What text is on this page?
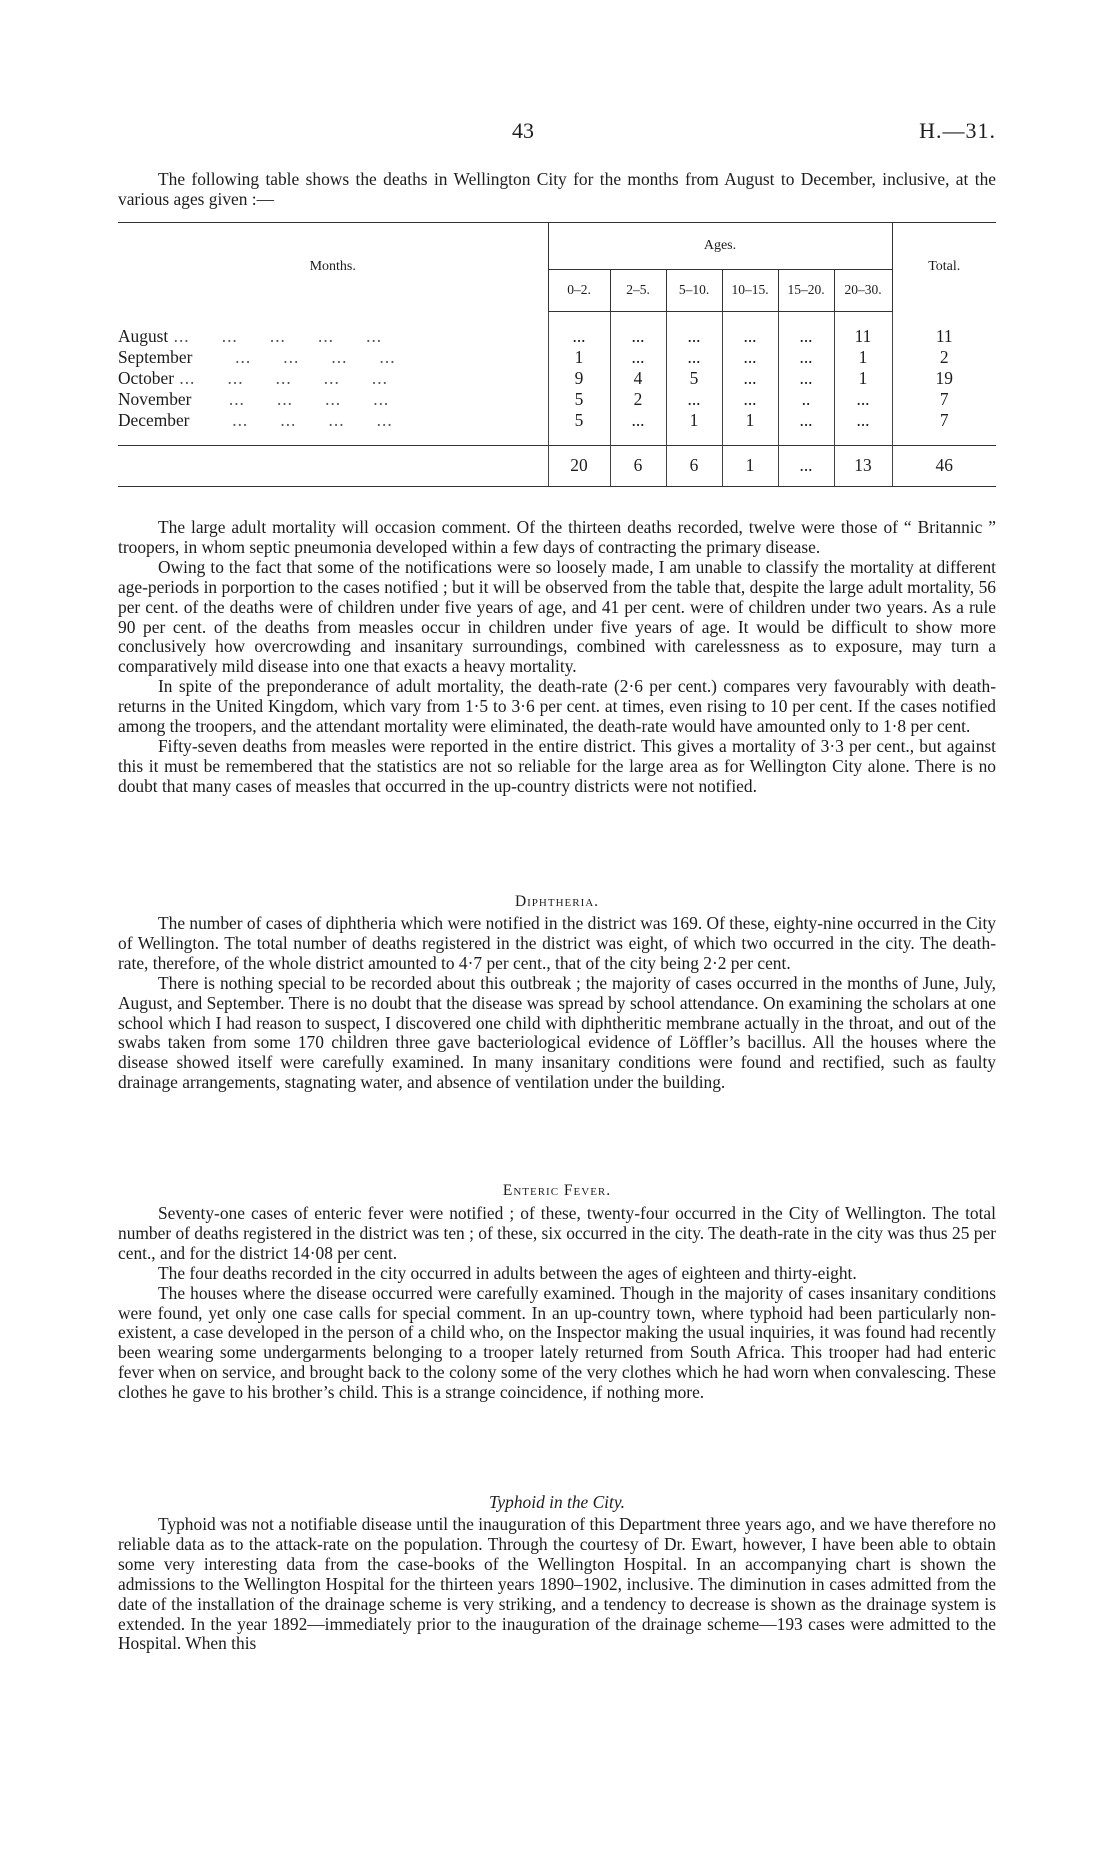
43	H.—31.

The following table shows the deaths in Wellington City for the months from August to December, inclusive, at the various ages given :—

Months.	Ages.						Total.
	0–2.	2–5.	5–10.	10–15.	15–20.	20–30.	

August ...      ...      ...      ...      ...	...	...	...	...	...	11	11
September        ...      ...      ...      ...	1	...	...	...	...	1	2
October ...      ...      ...      ...      ...	9	4	5	...	...	1	19
November       ...      ...      ...      ...	5	2	...	...	..	...	7
December        ...      ...      ...      ...	5	...	1	1	...	...	7

	20	6	6	1	...	13	46

The large adult mortality will occasion comment. Of the thirteen deaths recorded, twelve were those of “ Britannic ” troopers, in whom septic pneumonia developed within a few days of contracting the primary disease.

Owing to the fact that some of the notifications were so loosely made, I am unable to classify the mortality at different age-periods in porportion to the cases notified ; but it will be observed from the table that, despite the large adult mortality, 56 per cent. of the deaths were of children under five years of age, and 41 per cent. were of children under two years. As a rule 90 per cent. of the deaths from measles occur in children under five years of age. It would be difficult to show more conclusively how overcrowding and insanitary surroundings, combined with carelessness as to exposure, may turn a comparatively mild disease into one that exacts a heavy mortality.

In spite of the preponderance of adult mortality, the death-rate (2·6 per cent.) compares very favourably with death-returns in the United Kingdom, which vary from 1·5 to 3·6 per cent. at times, even rising to 10 per cent. If the cases notified among the troopers, and the attendant mortality were eliminated, the death-rate would have amounted only to 1·8 per cent.

Fifty-seven deaths from measles were reported in the entire district. This gives a mortality of 3·3 per cent., but against this it must be remembered that the statistics are not so reliable for the large area as for Wellington City alone. There is no doubt that many cases of measles that occurred in the up-country districts were not notified.

Diphtheria.

The number of cases of diphtheria which were notified in the district was 169. Of these, eighty-nine occurred in the City of Wellington. The total number of deaths registered in the district was eight, of which two occurred in the city. The death-rate, therefore, of the whole district amounted to 4·7 per cent., that of the city being 2·2 per cent.

There is nothing special to be recorded about this outbreak ; the majority of cases occurred in the months of June, July, August, and September. There is no doubt that the disease was spread by school attendance. On examining the scholars at one school which I had reason to suspect, I discovered one child with diphtheritic membrane actually in the throat, and out of the swabs taken from some 170 children three gave bacteriological evidence of Löffler’s bacillus. All the houses where the disease showed itself were carefully examined. In many insanitary conditions were found and rectified, such as faulty drainage arrangements, stagnating water, and absence of ventilation under the building.

Enteric Fever.

Seventy-one cases of enteric fever were notified ; of these, twenty-four occurred in the City of Wellington. The total number of deaths registered in the district was ten ; of these, six occurred in the city. The death-rate in the city was thus 25 per cent., and for the district 14·08 per cent.

The four deaths recorded in the city occurred in adults between the ages of eighteen and thirty-eight.

The houses where the disease occurred were carefully examined. Though in the majority of cases insanitary conditions were found, yet only one case calls for special comment. In an up-country town, where typhoid had been particularly non-existent, a case developed in the person of a child who, on the Inspector making the usual inquiries, it was found had recently been wearing some undergarments belonging to a trooper lately returned from South Africa. This trooper had had enteric fever when on service, and brought back to the colony some of the very clothes which he had worn when convalescing. These clothes he gave to his brother’s child. This is a strange coincidence, if nothing more.

Typhoid in the City.

Typhoid was not a notifiable disease until the inauguration of this Department three years ago, and we have therefore no reliable data as to the attack-rate on the population. Through the courtesy of Dr. Ewart, however, I have been able to obtain some very interesting data from the case-books of the Wellington Hospital. In an accompanying chart is shown the admissions to the Wellington Hospital for the thirteen years 1890–1902, inclusive. The diminution in cases admitted from the date of the installation of the drainage scheme is very striking, and a tendency to decrease is shown as the drainage system is extended. In the year 1892—immediately prior to the inauguration of the drainage scheme—193 cases were admitted to the Hospital. When this
